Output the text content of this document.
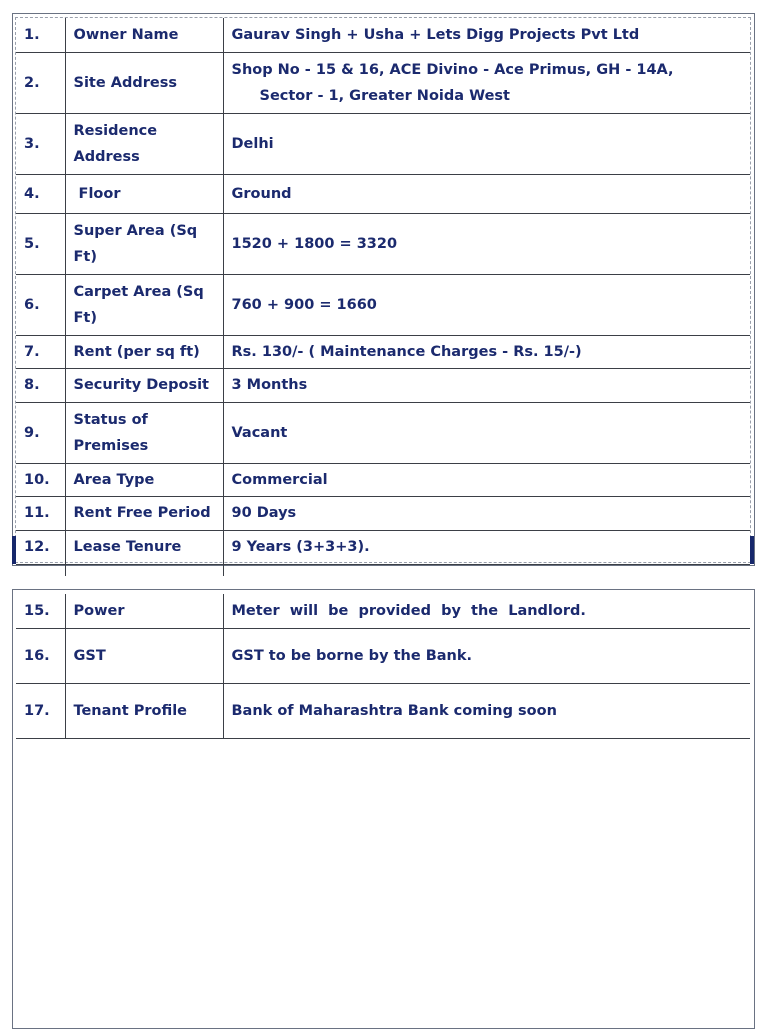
1.	Owner Name	Gaurav Singh + Usha + Lets Digg Projects Pvt Ltd
2.	Site Address	Shop No - 15 & 16, ACE Divino - Ace Primus, GH - 14A,
Sector - 1, Greater Noida West

3.	Residence Address	Delhi
4.	Floor	Ground
5.	Super Area (Sq Ft)	1520 + 1800 = 3320
6.	Carpet Area (Sq Ft)	760 + 900 = 1660
7.	Rent (per sq ft)	Rs. 130/- ( Maintenance Charges - Rs. 15/-)
8.	Security Deposit	3 Months
9.	Status of Premises	Vacant
10.	Area Type	Commercial
11.	Rent Free Period	90 Days
12.	Lease Tenure	9 Years (3+3+3).
15.	Power	Meter  will  be  provided  by  the  Landlord.
16.	GST	GST to be borne by the Bank.
17.	Tenant Profile	Bank of Maharashtra Bank coming soon
